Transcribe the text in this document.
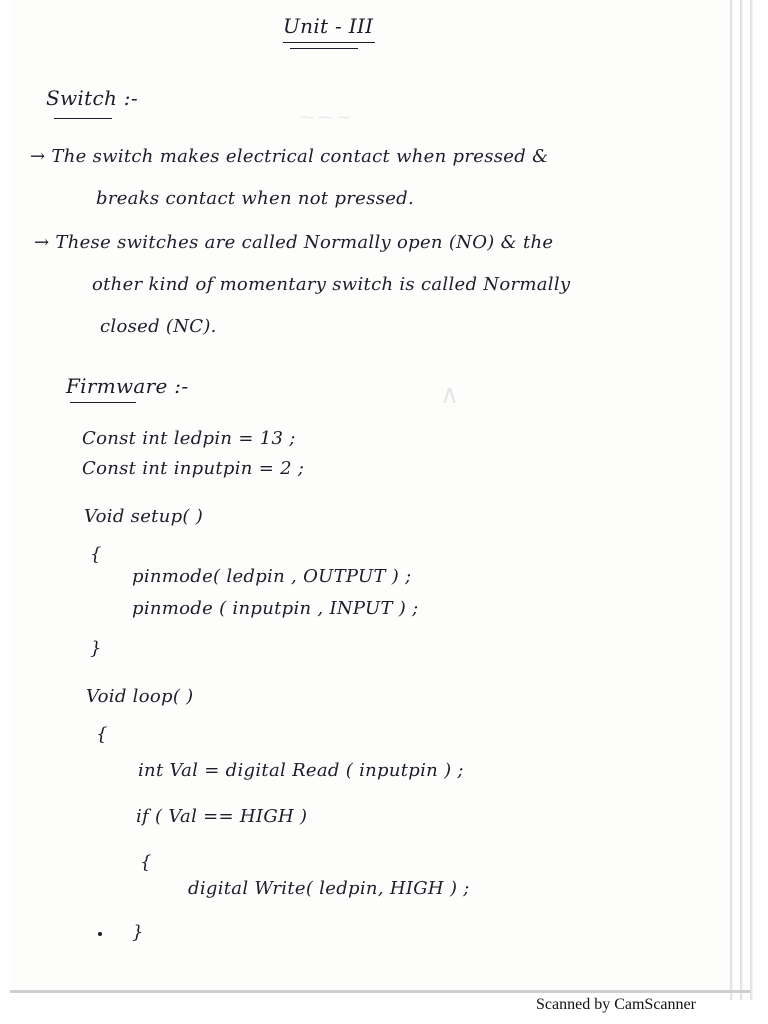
⁓ ⁓ ⁓
∧
Unit - III
Switch :-
→ The switch makes electrical contact when pressed &
breaks contact when not pressed.
→ These switches are called Normally open (NO) & the
other kind of momentary switch is called Normally
closed (NC).
Firmware :-
Const int ledpin = 13 ;
Const int inputpin = 2 ;
Void setup( )
{
pinmode( ledpin , OUTPUT ) ;
pinmode ( inputpin , INPUT ) ;
}
Void loop( )
{
int Val = digital Read ( inputpin ) ;
if ( Val == HIGH )
{
digital Write( ledpin, HIGH ) ;
}
Scanned by CamScanner
